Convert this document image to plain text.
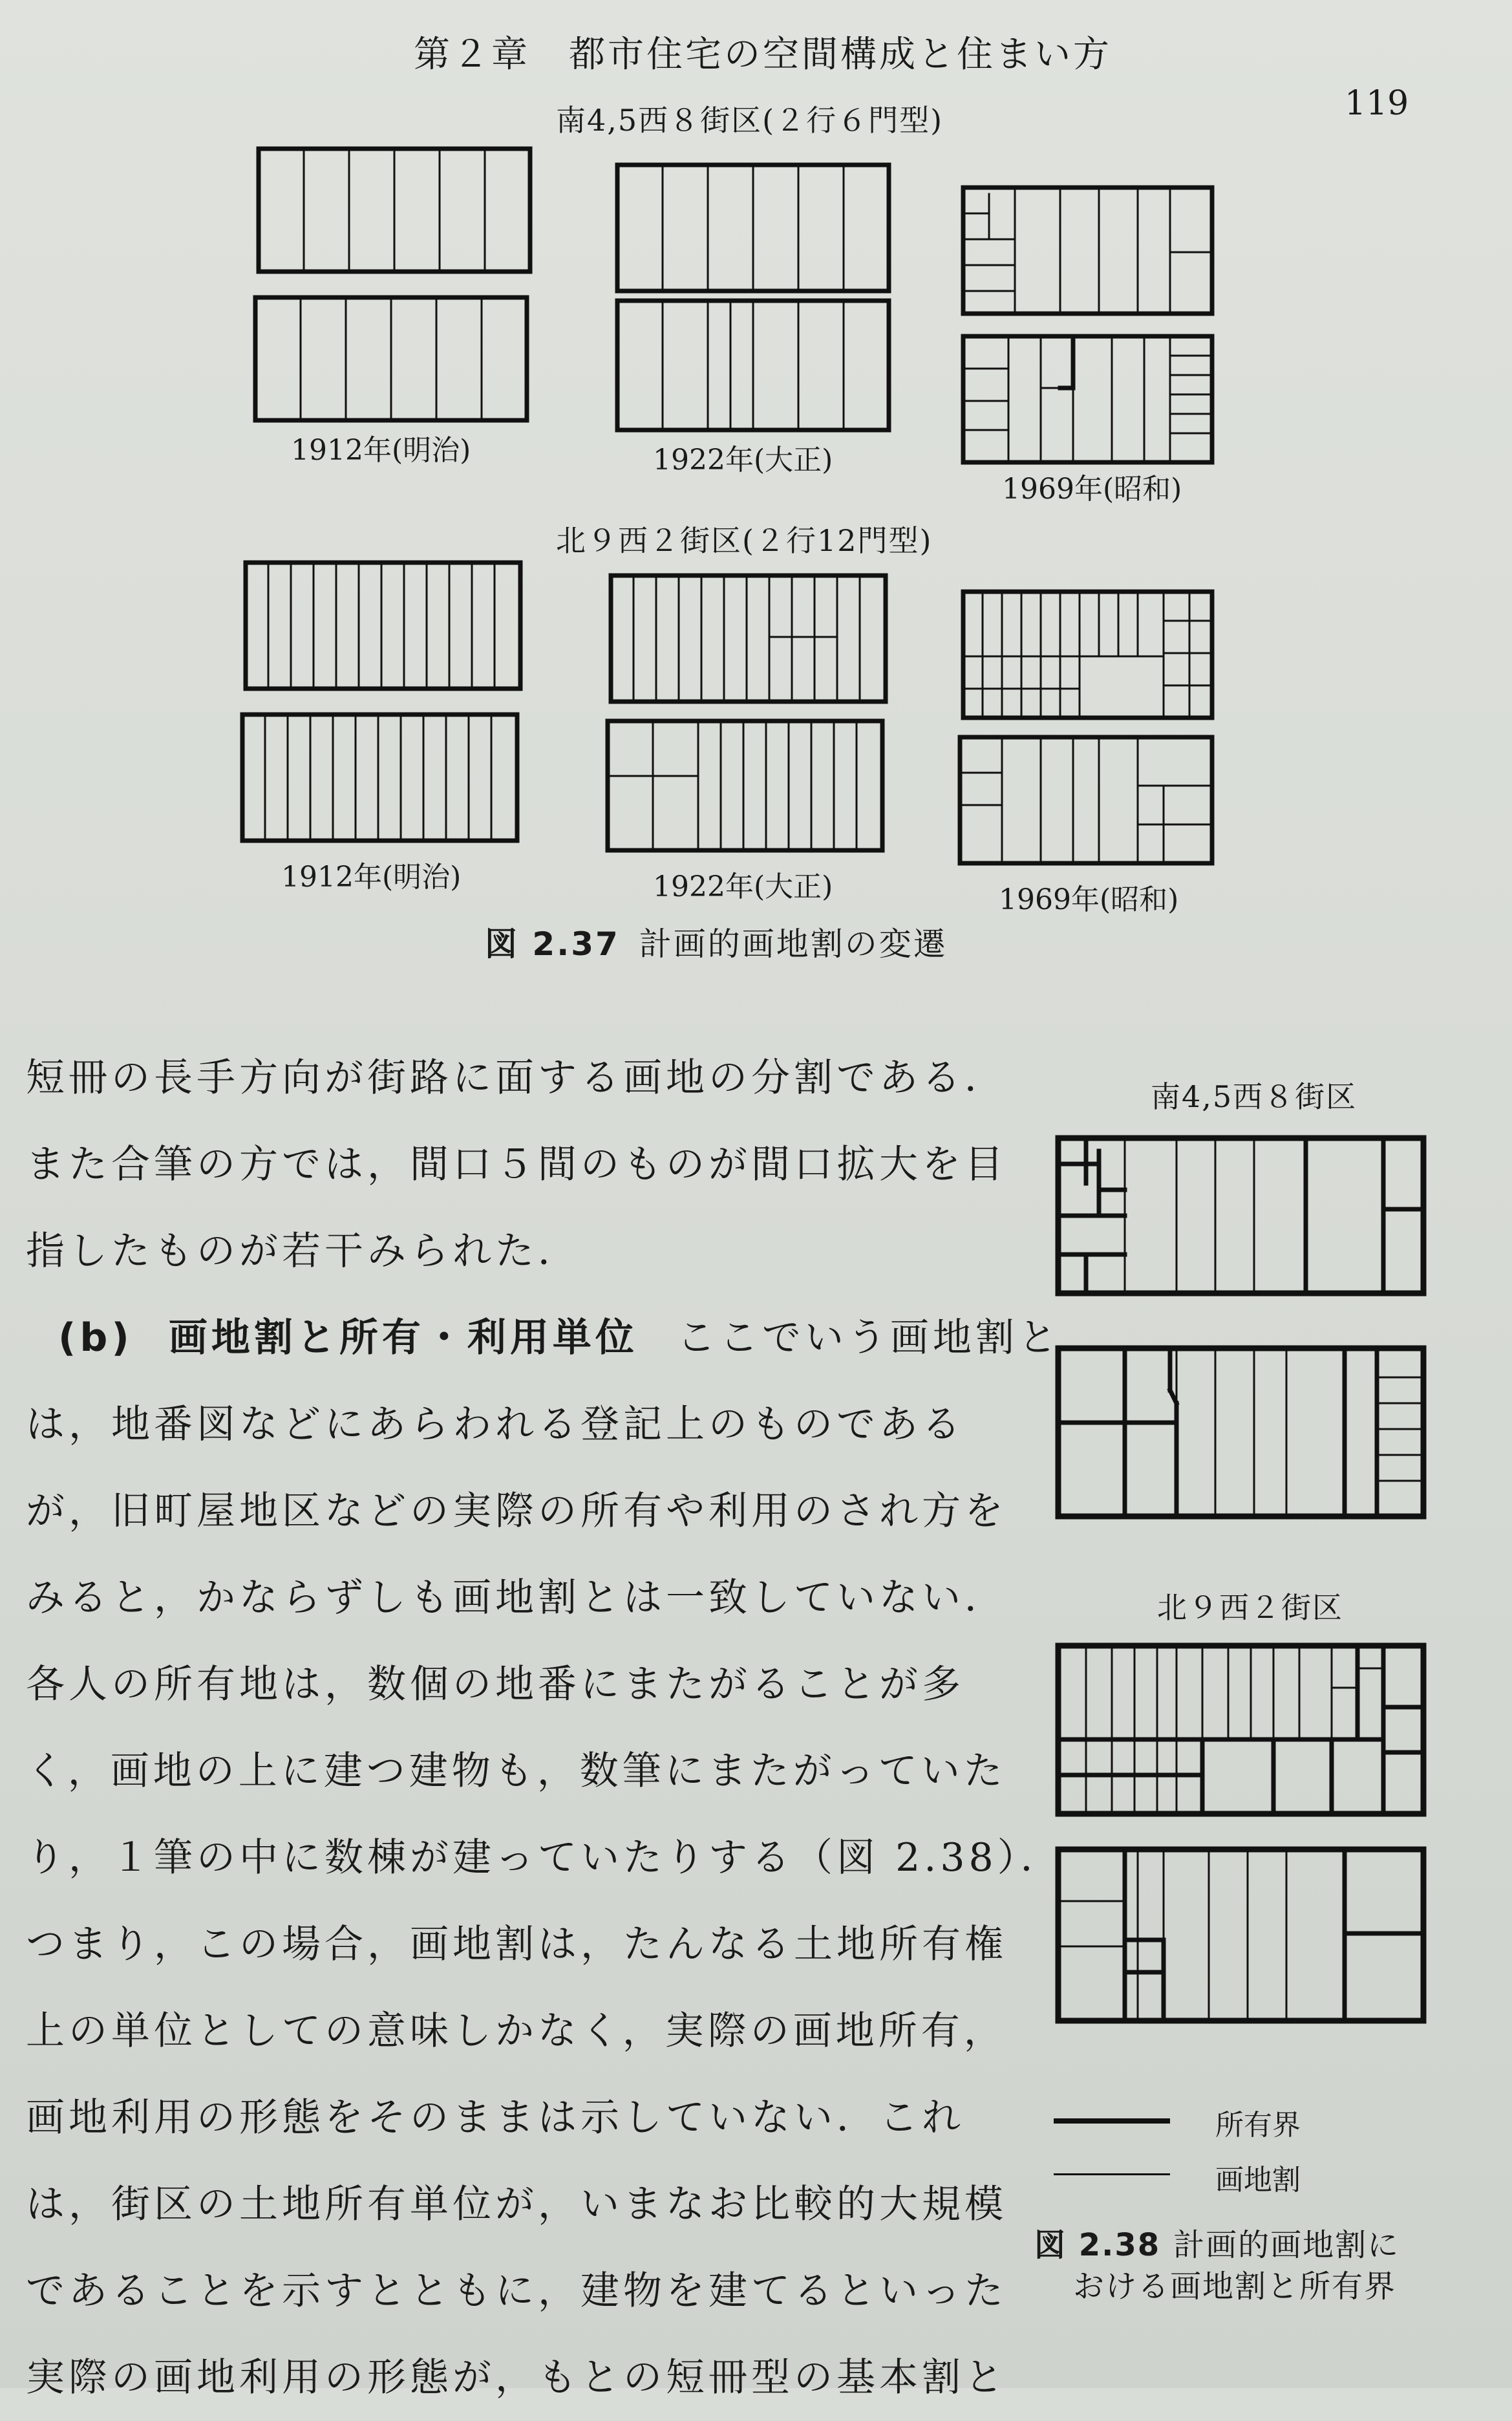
第２章　都市住宅の空間構成と住まい方
119
南4,5西８街区(２行６門型)
北９西２街区(２行12門型)
1912年(明治)	1922年(大正)
1969年(昭和)
1912年(明治)	1922年(大正)	1969年(昭和)
図 2.37 計画的画地割の変遷
南4,5西８街区
北９西２街区
所有界
画地割
図 2.38 計画的画地割に
おける画地割と所有界
短冊の長手方向が街路に面する画地の分割である．
また合筆の方では，間口５間のものが間口拡大を目
指したものが若干みられた．
(b) 画地割と所有・利用単位 ここでいう画地割と
は，地番図などにあらわれる登記上のものである
が，旧町屋地区などの実際の所有や利用のされ方を
みると，かならずしも画地割とは一致していない．
各人の所有地は，数個の地番にまたがることが多
く，画地の上に建つ建物も，数筆にまたがっていた
り，１筆の中に数棟が建っていたりする（図 2.38）．
つまり，この場合，画地割は，たんなる土地所有権
上の単位としての意味しかなく，実際の画地所有，
画地利用の形態をそのままは示していない．これ
は，街区の土地所有単位が，いまなお比較的大規模
であることを示すとともに，建物を建てるといった
実際の画地利用の形態が，もとの短冊型の基本割と
